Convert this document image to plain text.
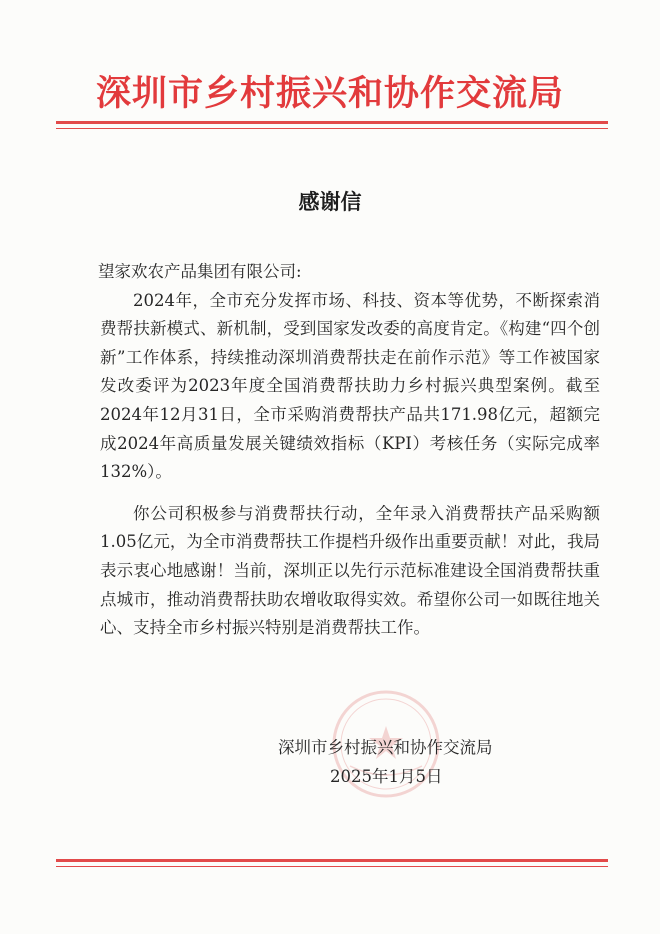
深圳市乡村振兴和协作交流局
感谢信

望家欢农产品集团有限公司:

2024年，全市充分发挥市场、科技、资本等优势，不断探索消费帮扶新模式、新机制，受到国家发改委的高度肯定。《构建“四个创新”工作体系，持续推动深圳消费帮扶走在前作示范》等工作被国家发改委评为2023年度全国消费帮扶助力乡村振兴典型案例。截至2024年12月31日，全市采购消费帮扶产品共171.98亿元，超额完成2024年高质量发展关键绩效指标（KPI）考核任务（实际完成率132%）。

你公司积极参与消费帮扶行动，全年录入消费帮扶产品采购额1.05亿元，为全市消费帮扶工作提档升级作出重要贡献！对此，我局表示衷心地感谢！当前，深圳正以先行示范标准建设全国消费帮扶重点城市，推动消费帮扶助农增收取得实效。希望你公司一如既往地关心、支持全市乡村振兴特别是消费帮扶工作。

深圳市乡村振兴和协作交流局
2025年1月5日
